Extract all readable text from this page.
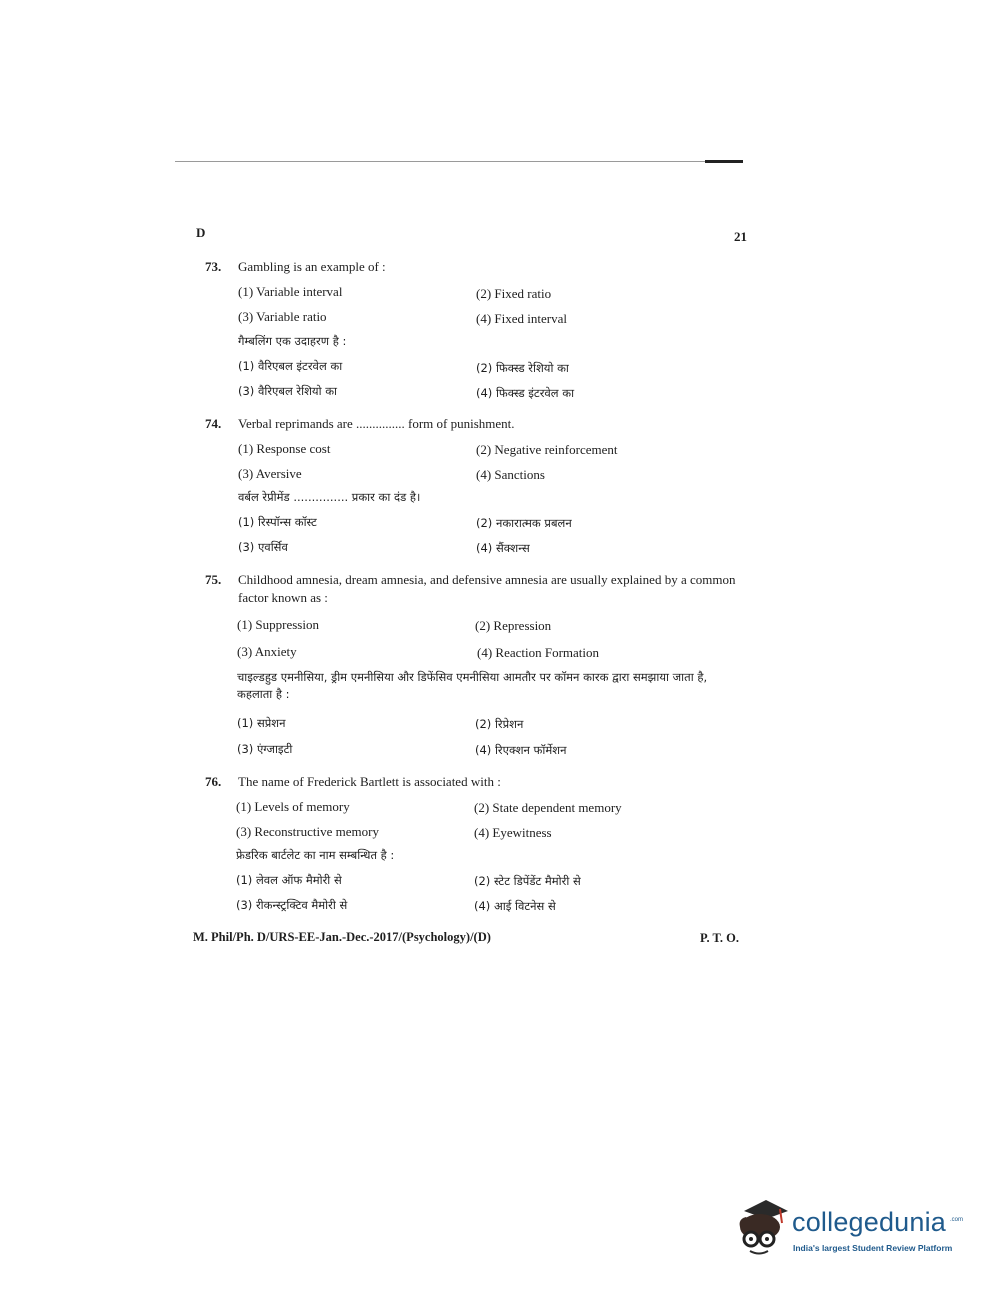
D	21
73. Gambling is an example of :
(1) Variable interval	(2) Fixed ratio
(3) Variable ratio	(4) Fixed interval
गैम्बलिंग एक उदाहरण है :
(1) वैरिएबल इंटरवेल का	(2) फिक्स्ड रेशियो का
(3) वैरिएबल रेशियो का	(4) फिक्स्ड इंटरवेल का
74. Verbal reprimands are ............... form of punishment.
(1) Response cost	(2) Negative reinforcement
(3) Aversive	(4) Sanctions
वर्बल रेप्रीमेंड ............... प्रकार का दंड है।
(1) रिस्पॉन्स कॉस्ट	(2) नकारात्मक प्रबलन
(3) एवर्सिव	(4) सैंक्शन्स
75. Childhood amnesia, dream amnesia, and defensive amnesia are usually explained by a common factor known as :
(1) Suppression	(2) Repression
(3) Anxiety	(4) Reaction Formation
चाइल्डहुड एमनीसिया, ड्रीम एमनीसिया और डिफेंसिव एमनीसिया आमतौर पर कॉमन कारक द्वारा समझाया जाता है, कहलाता है :
(1) सप्रेशन	(2) रिप्रेशन
(3) एंग्जाइटी	(4) रिएक्शन फॉर्मेशन
76. The name of Frederick Bartlett is associated with :
(1) Levels of memory	(2) State dependent memory
(3) Reconstructive memory	(4) Eyewitness
फ्रेडरिक बार्टलेट का नाम सम्बन्धित है :
(1) लेवल ऑफ मैमोरी से	(2) स्टेट डिपेंडेंट मैमोरी से
(3) रीकन्स्ट्रक्टिव मैमोरी से	(4) आई विटनेस से
M. Phil/Ph. D/URS-EE-Jan.-Dec.-2017/(Psychology)/(D)	P. T. O.
collegedunia .com
India's largest Student Review Platform
